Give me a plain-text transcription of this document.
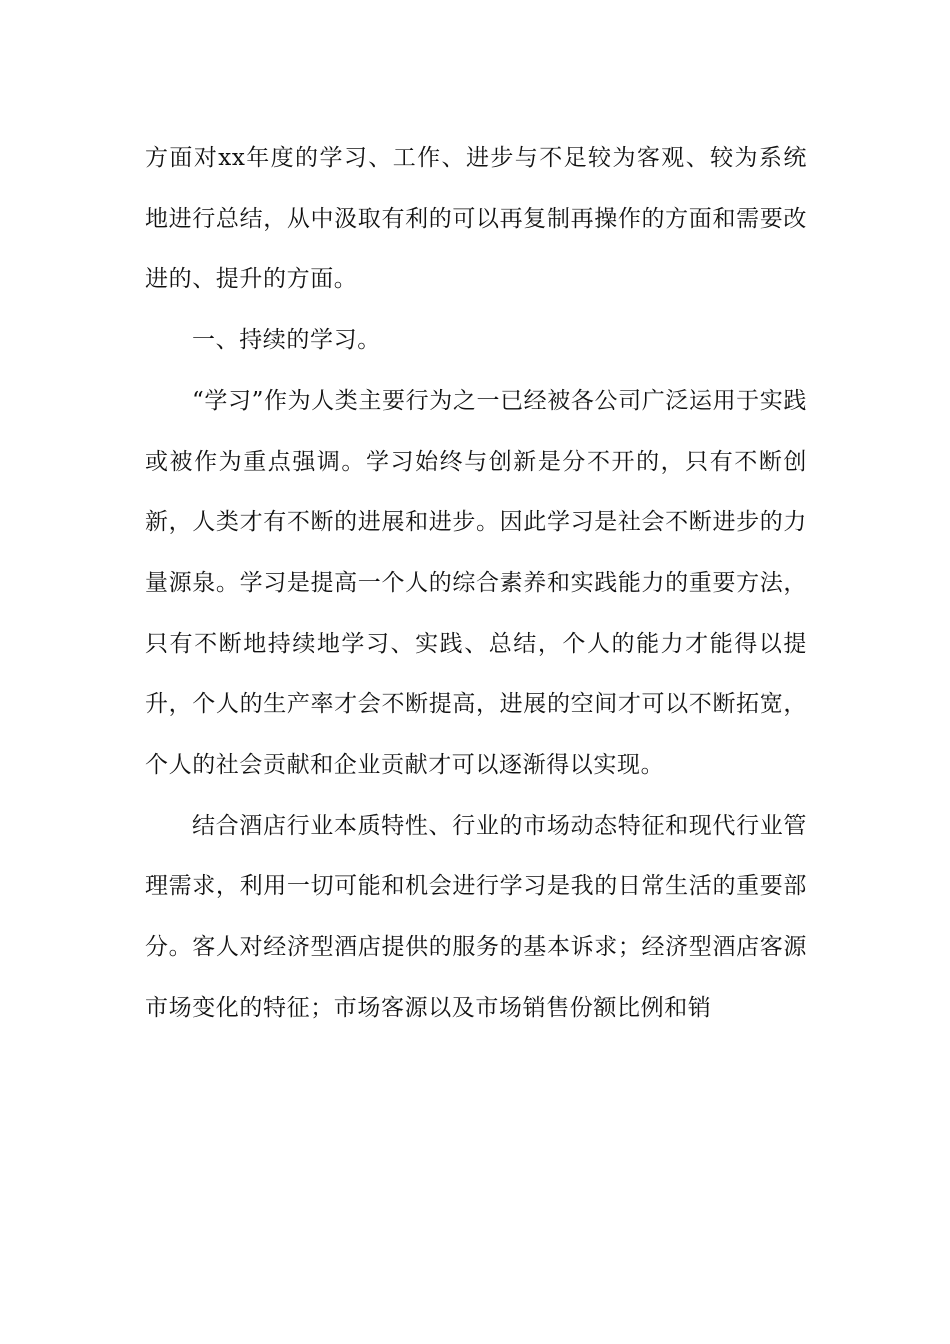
方面对xx年度的学习、工作、进步与不足较为客观、较为系统地进行总结，从中汲取有利的可以再复制再操作的方面和需要改进的、提升的方面。

一、持续的学习。

“学习”作为人类主要行为之一已经被各公司广泛运用于实践或被作为重点强调。学习始终与创新是分不开的，只有不断创新，人类才有不断的进展和进步。因此学习是社会不断进步的力量源泉。学习是提高一个人的综合素养和实践能力的重要方法，只有不断地持续地学习、实践、总结，个人的能力才能得以提升，个人的生产率才会不断提高，进展的空间才可以不断拓宽，个人的社会贡献和企业贡献才可以逐渐得以实现。

结合酒店行业本质特性、行业的市场动态特征和现代行业管理需求，利用一切可能和机会进行学习是我的日常生活的重要部分。客人对经济型酒店提供的服务的基本诉求；经济型酒店客源市场变化的特征；市场客源以及市场销售份额比例和销
